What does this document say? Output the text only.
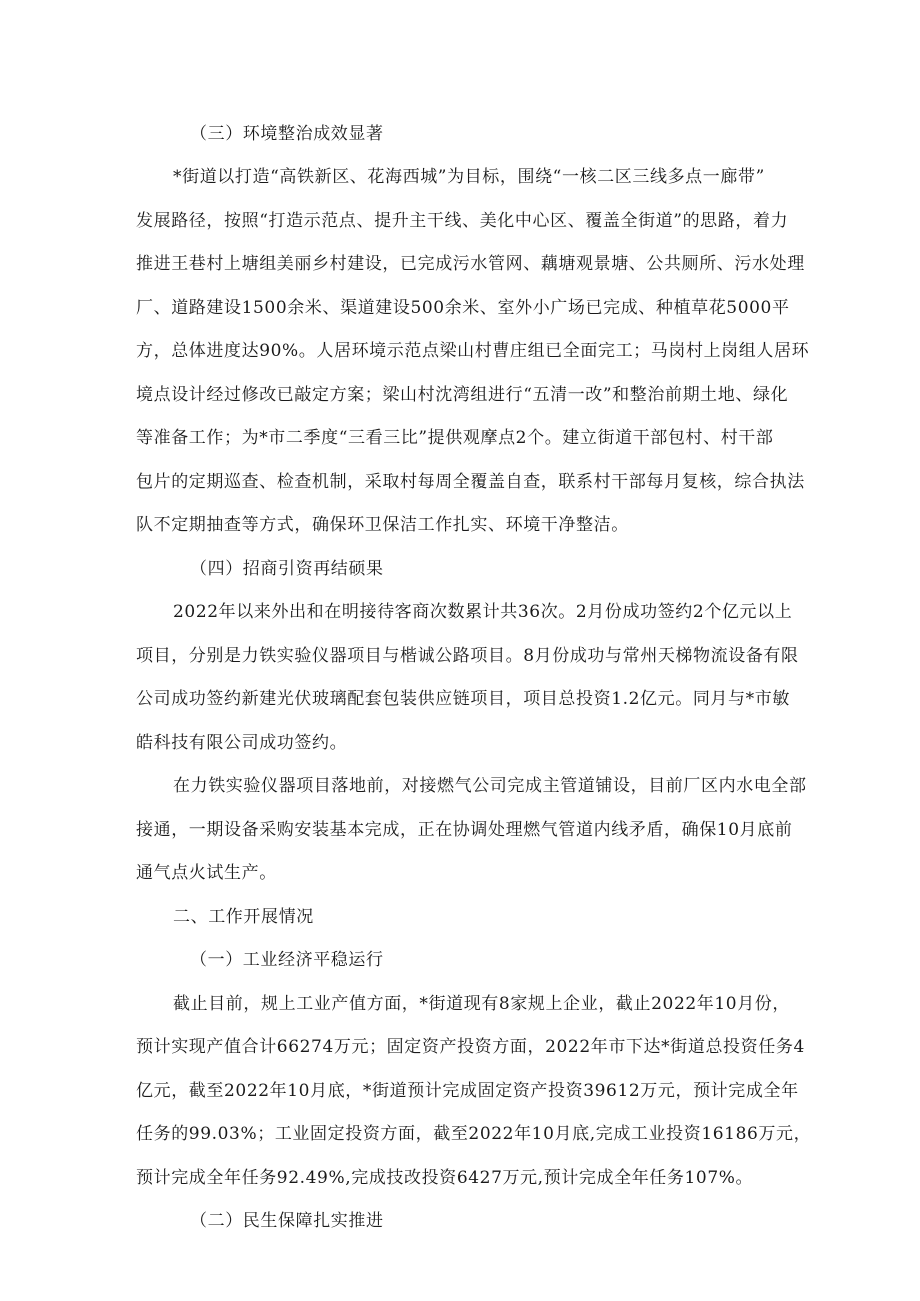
（三）环境整治成效显著
*街道以打造“高铁新区、花海西城”为目标，围绕“一核二区三线多点一廊带”
发展路径，按照“打造示范点、提升主干线、美化中心区、覆盖全街道”的思路，着力
推进王巷村上塘组美丽乡村建设，已完成污水管网、藕塘观景塘、公共厕所、污水处理
厂、道路建设1500余米、渠道建设500余米、室外小广场已完成、种植草花5000平
方，总体进度达90%。人居环境示范点梁山村曹庄组已全面完工；马岗村上岗组人居环
境点设计经过修改已敲定方案；梁山村沈湾组进行“五清一改”和整治前期土地、绿化
等准备工作；为*市二季度“三看三比”提供观摩点2个。建立街道干部包村、村干部
包片的定期巡查、检查机制，采取村每周全覆盖自查，联系村干部每月复核，综合执法
队不定期抽查等方式，确保环卫保洁工作扎实、环境干净整洁。
（四）招商引资再结硕果
2022年以来外出和在明接待客商次数累计共36次。2月份成功签约2个亿元以上
项目，分别是力铁实验仪器项目与楷诚公路项目。8月份成功与常州天梯物流设备有限
公司成功签约新建光伏玻璃配套包装供应链项目，项目总投资1.2亿元。同月与*市敏
皓科技有限公司成功签约。
在力铁实验仪器项目落地前，对接燃气公司完成主管道铺设，目前厂区内水电全部
接通，一期设备采购安装基本完成，正在协调处理燃气管道内线矛盾，确保10月底前
通气点火试生产。
二、工作开展情况
（一）工业经济平稳运行
截止目前，规上工业产值方面，*街道现有8家规上企业，截止2022年10月份，
预计实现产值合计66274万元；固定资产投资方面，2022年市下达*街道总投资任务4
亿元，截至2022年10月底，*街道预计完成固定资产投资39612万元，预计完成全年
任务的99.03%；工业固定投资方面，截至2022年10月底,完成工业投资16186万元，
预计完成全年任务92.49%,完成技改投资6427万元,预计完成全年任务107%。
（二）民生保障扎实推进
